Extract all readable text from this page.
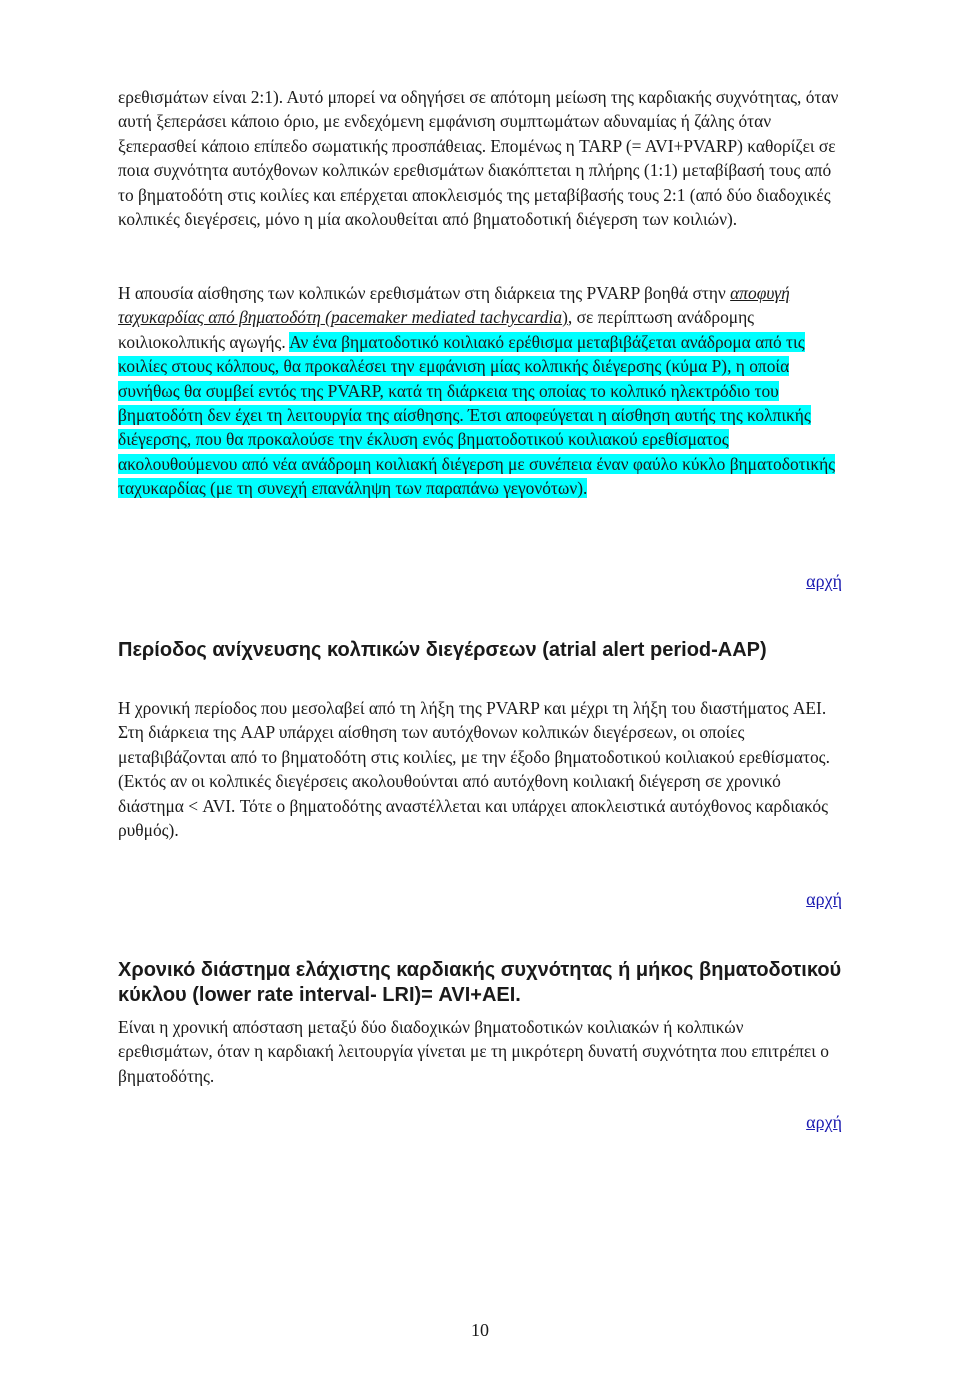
ερεθισμάτων είναι 2:1). Αυτό μπορεί να οδηγήσει σε απότομη μείωση της καρδιακής συχνότητας, όταν αυτή ξεπεράσει κάποιο όριο, με ενδεχόμενη εμφάνιση συμπτωμάτων αδυναμίας ή ζάλης όταν ξεπερασθεί κάποιο επίπεδο σωματικής προσπάθειας. Επομένως η TARP (= AVI+PVARP) καθορίζει σε ποια συχνότητα αυτόχθονων κολπικών ερεθισμάτων διακόπτεται η πλήρης (1:1) μεταβίβασή τους από το βηματοδότη στις κοιλίες και επέρχεται αποκλεισμός της μεταβίβασής τους 2:1 (από δύο διαδοχικές κολπικές διεγέρσεις, μόνο η μία ακολουθείται από βηματοδοτική διέγερση των κοιλιών).

Η απουσία αίσθησης των κολπικών ερεθισμάτων στη διάρκεια της PVARP βοηθά στην αποφυγή ταχυκαρδίας από βηματοδότη (pacemaker mediated tachycardia), σε περίπτωση ανάδρομης κοιλιοκολπικής αγωγής. Αν ένα βηματοδοτικό κοιλιακό ερέθισμα μεταβιβάζεται ανάδρομα από τις κοιλίες στους κόλπους, θα προκαλέσει την εμφάνιση μίας κολπικής διέγερσης (κύμα P), η οποία συνήθως θα συμβεί εντός της PVARP, κατά τη διάρκεια της οποίας το κολπικό ηλεκτρόδιο του βηματοδότη δεν έχει τη λειτουργία της αίσθησης. Έτσι αποφεύγεται η αίσθηση αυτής της κολπικής διέγερσης, που θα προκαλούσε την έκλυση ενός βηματοδοτικού κοιλιακού ερεθίσματος ακολουθούμενου από νέα ανάδρομη κοιλιακή διέγερση με συνέπεια έναν φαύλο κύκλο βηματοδοτικής ταχυκαρδίας (με τη συνεχή επανάληψη των παραπάνω γεγονότων).

αρχή
Περίοδος ανίχνευσης κολπικών διεγέρσεων (atrial alert period-AAP)

Η χρονική περίοδος που μεσολαβεί από τη λήξη της PVARP και μέχρι τη λήξη του διαστήματος AEI. Στη διάρκεια της AAP υπάρχει αίσθηση των αυτόχθονων κολπικών διεγέρσεων, οι οποίες μεταβιβάζονται από το βηματοδότη στις κοιλίες, με την έξοδο βηματοδοτικού κοιλιακού ερεθίσματος. (Εκτός αν οι κολπικές διεγέρσεις ακολουθούνται από αυτόχθονη κοιλιακή διέγερση σε χρονικό διάστημα < AVI. Τότε ο βηματοδότης αναστέλλεται και υπάρχει αποκλειστικά αυτόχθονος καρδιακός ρυθμός).

αρχή
Χρονικό διάστημα ελάχιστης καρδιακής συχνότητας ή μήκος βηματοδοτικού κύκλου (lower rate interval- LRI)= AVI+AEI.

Είναι η χρονική απόσταση μεταξύ δύο διαδοχικών βηματοδοτικών κοιλιακών ή κολπικών ερεθισμάτων, όταν η καρδιακή λειτουργία γίνεται με τη μικρότερη δυνατή συχνότητα που επιτρέπει ο βηματοδότης.

αρχή
10
